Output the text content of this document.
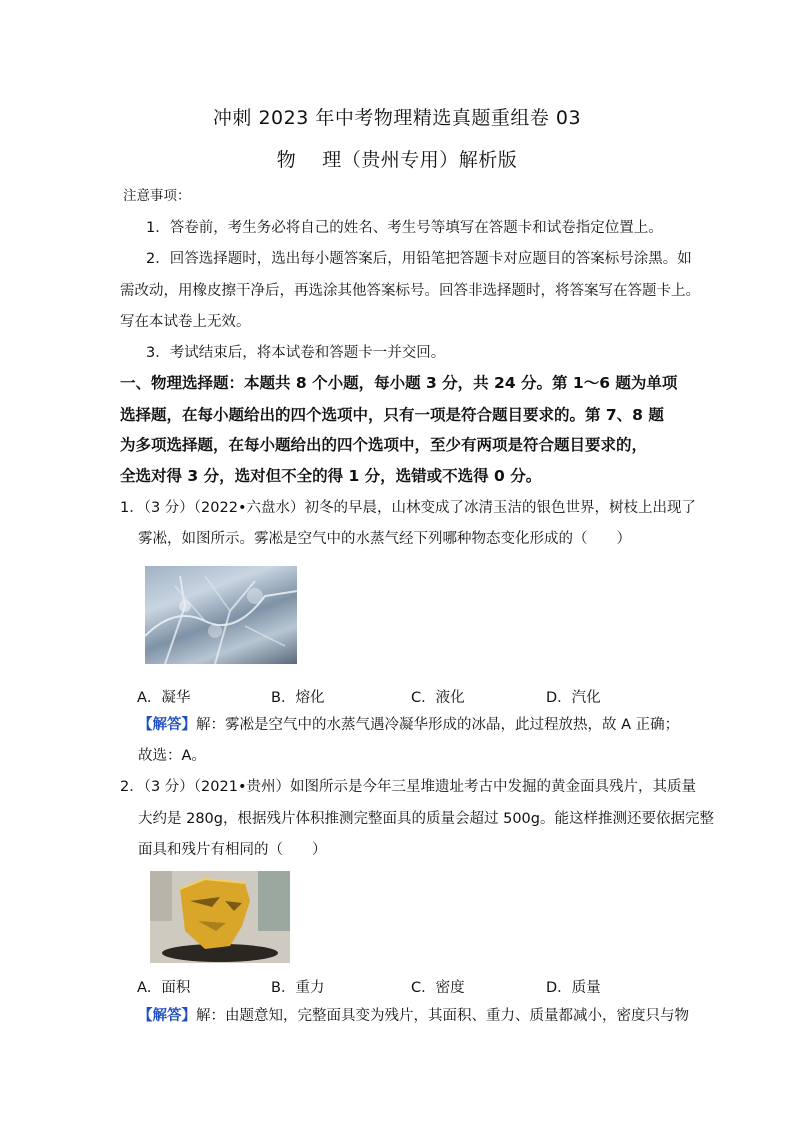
冲刺 2023 年中考物理精选真题重组卷 03
物　 理（贵州专用）解析版
注意事项：
1．答卷前，考生务必将自己的姓名、考生号等填写在答题卡和试卷指定位置上。
2．回答选择题时，选出每小题答案后，用铅笔把答题卡对应题目的答案标号涂黑。如
需改动，用橡皮擦干净后，再选涂其他答案标号。回答非选择题时，将答案写在答题卡上。
写在本试卷上无效。
3．考试结束后，将本试卷和答题卡一并交回。
一、物理选择题：本题共 8 个小题，每小题 3 分，共 24 分。第 1～6 题为单项
选择题，在每小题给出的四个选项中，只有一项是符合题目要求的。第 7、8 题
为多项选择题，在每小题给出的四个选项中，至少有两项是符合题目要求的，
全选对得 3 分，选对但不全的得 1 分，选错或不选得 0 分。
1．（3 分）（2022•六盘水）初冬的早晨，山林变成了冰清玉洁的银色世界，树枝上出现了
雾凇，如图所示。雾凇是空气中的水蒸气经下列哪种物态变化形成的（　　）
A．凝华	B．熔化	C．液化	D．汽化
【解答】解：雾凇是空气中的水蒸气遇冷凝华形成的冰晶，此过程放热，故 A 正确；
故选：A。
2．（3 分）（2021•贵州）如图所示是今年三星堆遗址考古中发掘的黄金面具残片，其质量
大约是 280g，根据残片体积推测完整面具的质量会超过 500g。能这样推测还要依据完整
面具和残片有相同的（　　）
A．面积	B．重力	C．密度	D．质量
【解答】解：由题意知，完整面具变为残片，其面积、重力、质量都减小，密度只与物
